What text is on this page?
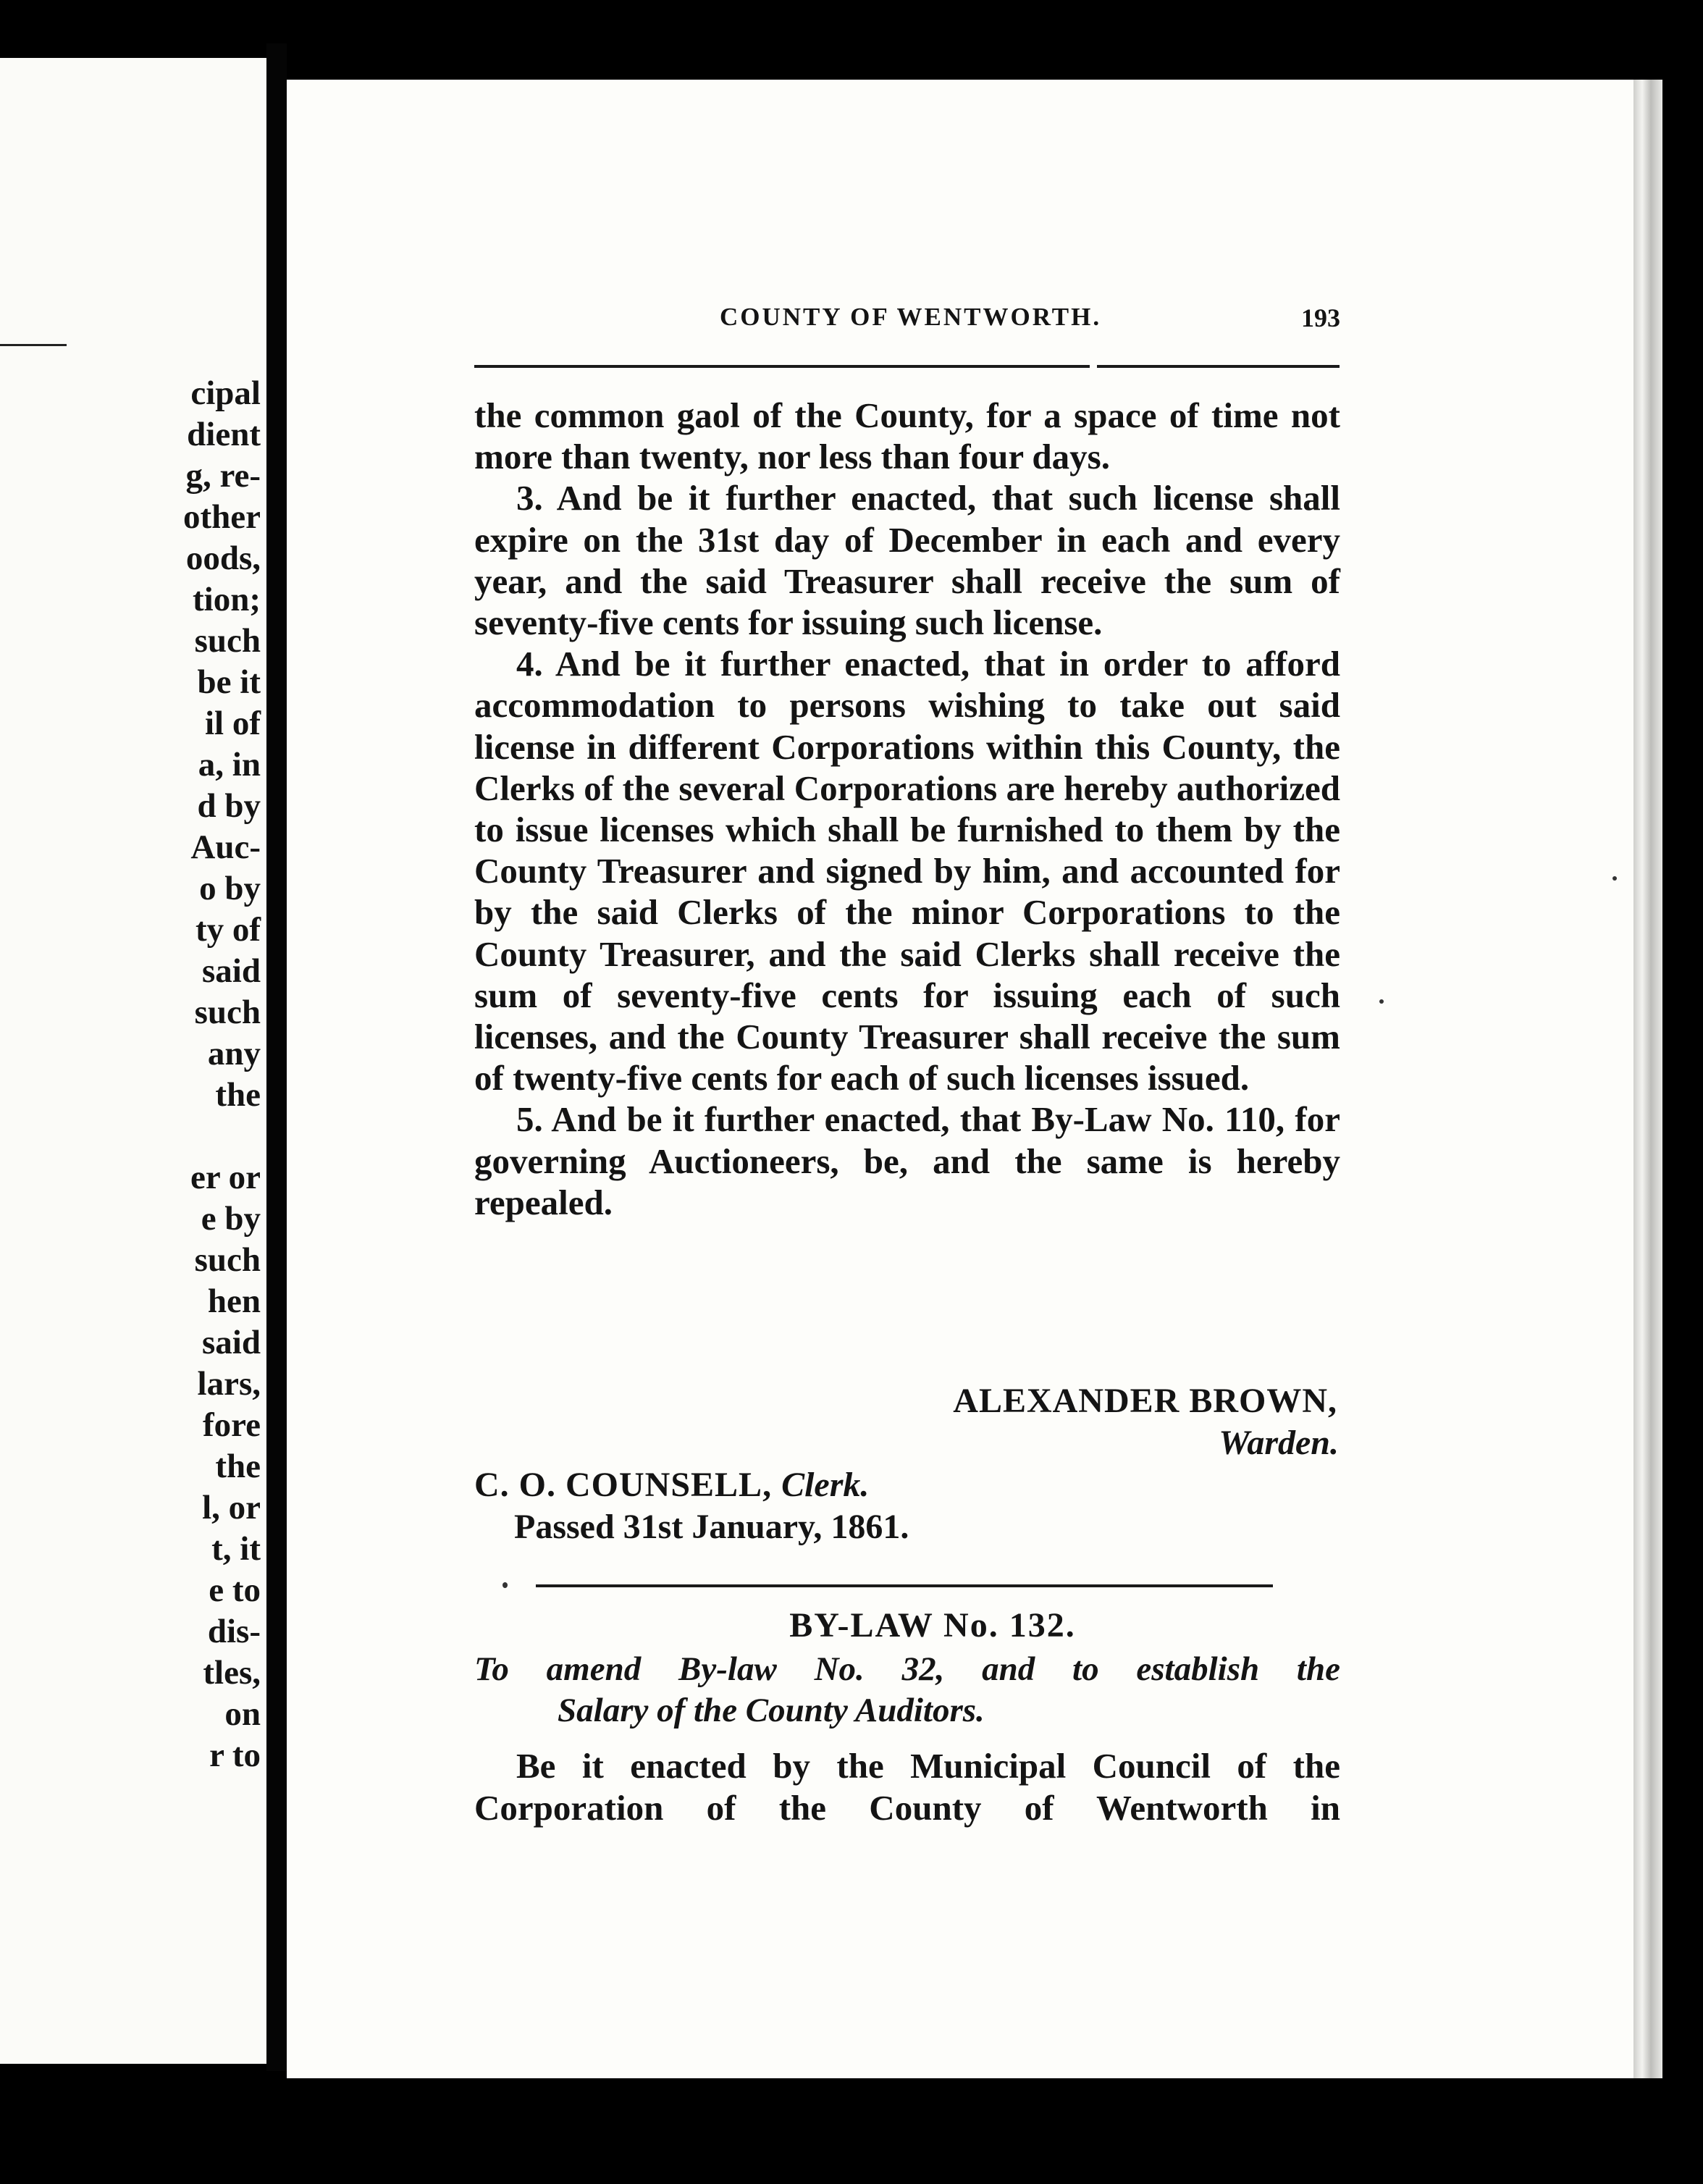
cipal
dient
g, re-
other
oods,
tion;
such
be it
il of
a, in
d by
Auc-
o by
ty of
said
such
any
the
er or
e by
such
hen
said
lars,
fore
the
l, or
t, it
e to
dis-
tles,
on
r to
COUNTY OF WENTWORTH.	193

the common gaol of the County, for a space of time not more than twenty, nor less than four days.

3. And be it further enacted, that such license shall expire on the 31st day of December in each and every year, and the said Treasurer shall receive the sum of seventy-five cents for issuing such license.

4. And be it further enacted, that in order to afford accommodation to persons wishing to take out said license in different Corporations within this County, the Clerks of the several Corporations are hereby authorized to issue licenses which shall be furnished to them by the County Treasurer and signed by him, and accounted for by the said Clerks of the minor Corporations to the County Treasurer, and the said Clerks shall receive the sum of seventy-five cents for issuing each of such licenses, and the County Treasurer shall receive the sum of twenty-five cents for each of such licenses issued.

5. And be it further enacted, that By-Law No. 110, for governing Auctioneers, be, and the same is hereby repealed.

ALEXANDER BROWN,
Warden.
C. O. COUNSELL, Clerk.
Passed 31st January, 1861.
BY-LAW No. 132.
To amend By-law No. 32, and to establish the
Salary of the County Auditors.

Be it enacted by the Municipal Council of the Corporation of the County of Wentworth in
